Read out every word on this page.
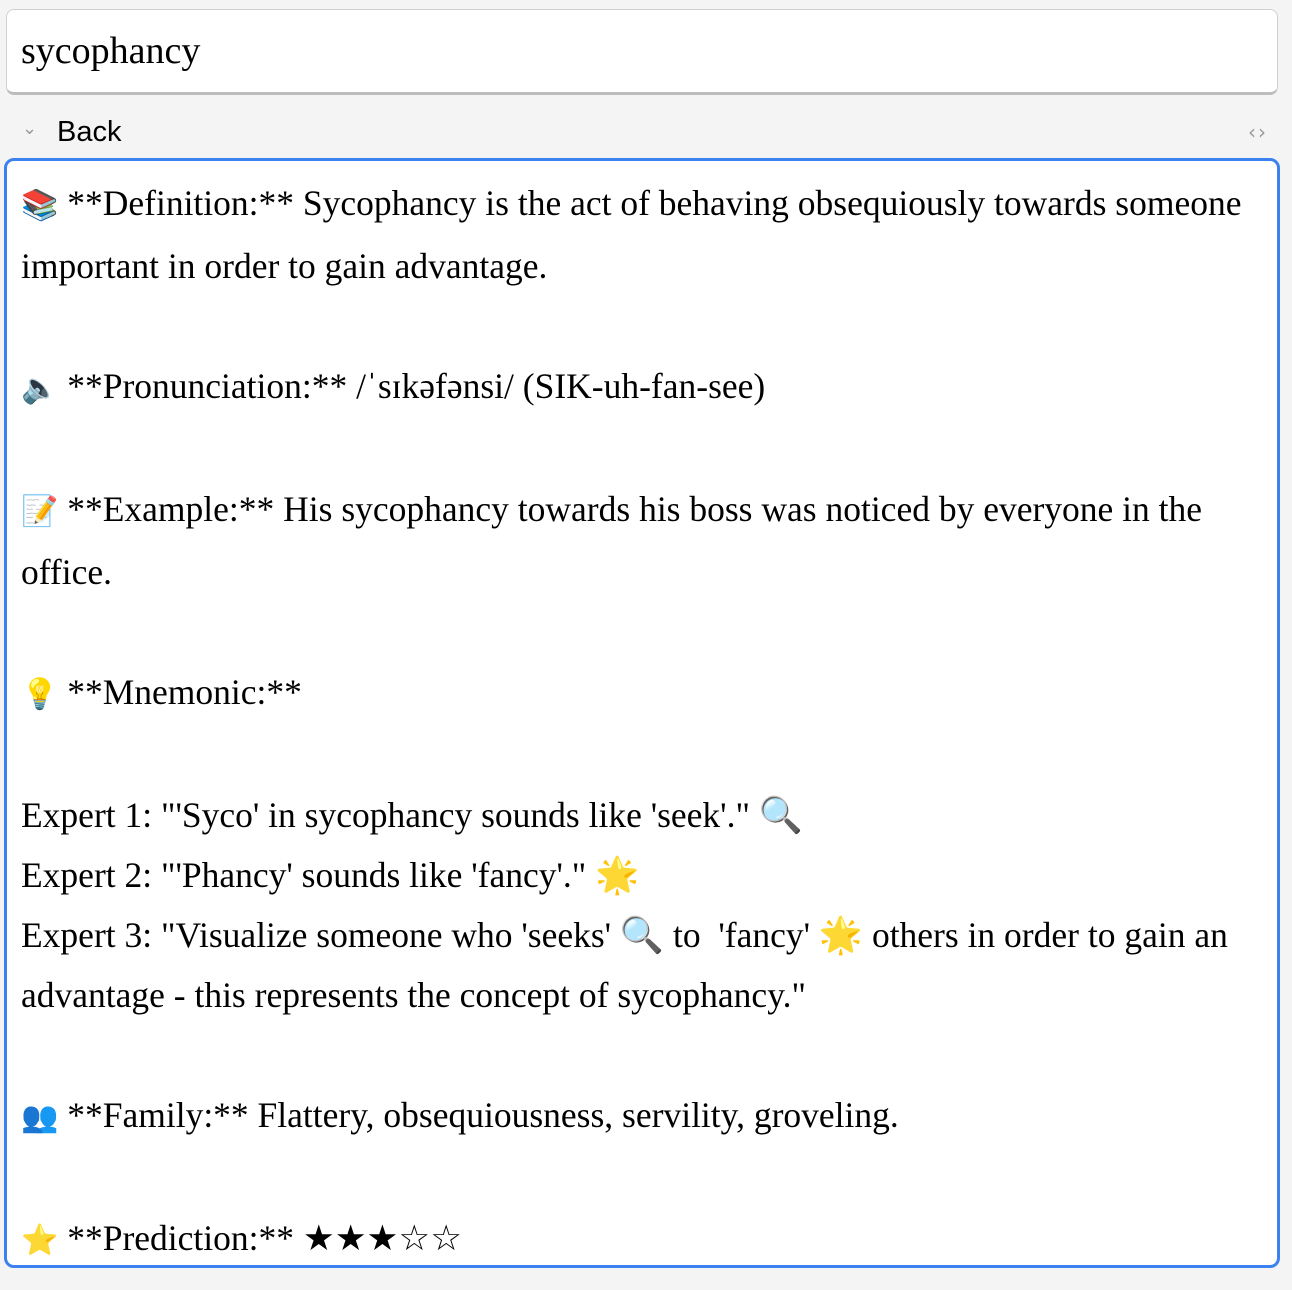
sycophancy
⌄ Back	‹›
📚 **Definition:** Sycophancy is the act of behaving obsequiously towards someone important in order to gain advantage.
🔈 **Pronunciation:** /ˈsɪkəfənsi/ (SIK-uh-fan-see)
📝 **Example:** His sycophancy towards his boss was noticed by everyone in the office.
💡 **Mnemonic:**
Expert 1: "'Syco' in sycophancy sounds like 'seek'." 🔍
Expert 2: "'Phancy' sounds like 'fancy'." 🌟
Expert 3: "Visualize someone who 'seeks' 🔍 to  'fancy' 🌟 others in order to gain an advantage - this represents the concept of sycophancy."
👥 **Family:** Flattery, obsequiousness, servility, groveling.
⭐ **Prediction:** ★★★☆☆
